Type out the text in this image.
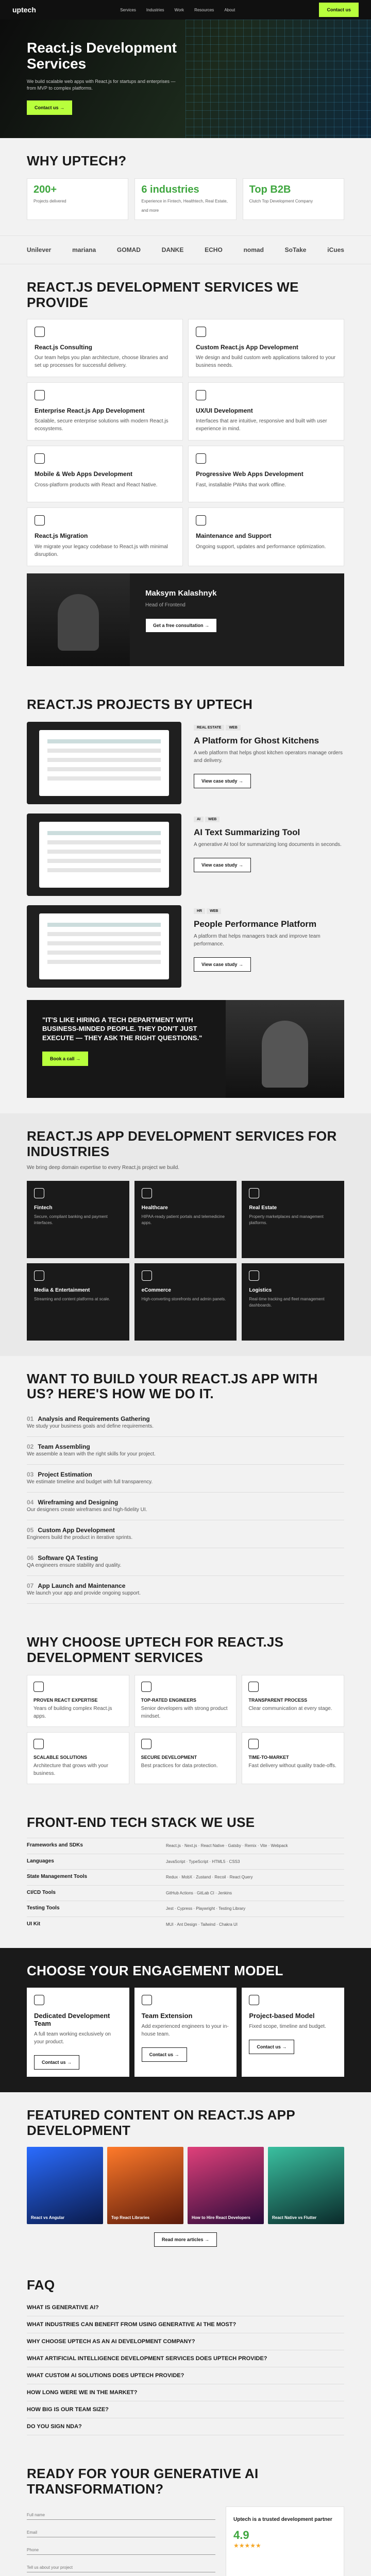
uptech	Services	Industries	Work	Resources	About	Contact us
React.js Development Services

We build scalable web apps with React.js for startups and enterprises — from MVP to complex platforms.

Contact us →
WHY UPTECH?
200+
Projects delivered
6 industries
Experience in Fintech, Healthtech, Real Estate, and more
Top B2B
Clutch Top Development Company
Unilever	mariana	GOMAD	DANKE	ECHO	nomad	SoTake	iCues
REACT.JS DEVELOPMENT SERVICES WE PROVIDE
React.js Consulting

Our team helps you plan architecture, choose libraries and set up processes for successful delivery.

Custom React.js App Development

We design and build custom web applications tailored to your business needs.

Enterprise React.js App Development

Scalable, secure enterprise solutions with modern React.js ecosystems.

UX/UI Development

Interfaces that are intuitive, responsive and built with user experience in mind.

Mobile & Web Apps Development

Cross-platform products with React and React Native.

Progressive Web Apps Development

Fast, installable PWAs that work offline.

React.js Migration

We migrate your legacy codebase to React.js with minimal disruption.

Maintenance and Support

Ongoing support, updates and performance optimization.

Maksym Kalashnyk
Head of Frontend

Get a free consultation →
REACT.JS PROJECTS BY UPTECH
REAL ESTATE WEB
A Platform for Ghost Kitchens

A web platform that helps ghost kitchen operators manage orders and delivery.

View case study →
AI WEB
AI Text Summarizing Tool

A generative AI tool for summarizing long documents in seconds.

View case study →
HR WEB
People Performance Platform

A platform that helps managers track and improve team performance.

View case study →
"IT'S LIKE HIRING A TECH DEPARTMENT WITH BUSINESS-MINDED PEOPLE. THEY DON'T JUST EXECUTE — THEY ASK THE RIGHT QUESTIONS."

Book a call →
REACT.JS APP DEVELOPMENT SERVICES FOR INDUSTRIES

We bring deep domain expertise to every React.js project we build.

Fintech

Secure, compliant banking and payment interfaces.

Healthcare

HIPAA-ready patient portals and telemedicine apps.

Real Estate

Property marketplaces and management platforms.

Media & Entertainment

Streaming and content platforms at scale.

eCommerce

High-converting storefronts and admin panels.

Logistics

Real-time tracking and fleet management dashboards.

WANT TO BUILD YOUR REACT.JS APP WITH US? HERE'S HOW WE DO IT.
01 Analysis and Requirements Gathering

We study your business goals and define requirements.

02 Team Assembling

We assemble a team with the right skills for your project.

03 Project Estimation

We estimate timeline and budget with full transparency.

04 Wireframing and Designing

Our designers create wireframes and high-fidelity UI.

05 Custom App Development

Engineers build the product in iterative sprints.

06 Software QA Testing

QA engineers ensure stability and quality.

07 App Launch and Maintenance

We launch your app and provide ongoing support.

WHY CHOOSE UPTECH FOR REACT.JS DEVELOPMENT SERVICES
PROVEN REACT EXPERTISE

Years of building complex React.js apps.

TOP-RATED ENGINEERS

Senior developers with strong product mindset.

TRANSPARENT PROCESS

Clear communication at every stage.

SCALABLE SOLUTIONS

Architecture that grows with your business.

SECURE DEVELOPMENT

Best practices for data protection.

TIME-TO-MARKET

Fast delivery without quality trade-offs.

FRONT-END TECH STACK WE USE
Frameworks and SDKs	React.js · Next.js · React Native · Gatsby · Remix · Vite · Webpack
Languages	JavaScript · TypeScript · HTML5 · CSS3
State Management Tools	Redux · MobX · Zustand · Recoil · React Query
CI/CD Tools	GitHub Actions · GitLab CI · Jenkins
Testing Tools	Jest · Cypress · Playwright · Testing Library
UI Kit	MUI · Ant Design · Tailwind · Chakra UI
CHOOSE YOUR ENGAGEMENT MODEL
Dedicated Development Team

A full team working exclusively on your product.

Contact us →
Team Extension

Add experienced engineers to your in-house team.

Contact us →
Project-based Model

Fixed scope, timeline and budget.

Contact us →
FEATURED CONTENT ON REACT.JS APP DEVELOPMENT
React vs Angular	Top React Libraries	How to Hire React Developers	React Native vs Flutter
Read more articles →
FAQ
WHAT IS GENERATIVE AI?
WHAT INDUSTRIES CAN BENEFIT FROM USING GENERATIVE AI THE MOST?
WHY CHOOSE UPTECH AS AN AI DEVELOPMENT COMPANY?
WHAT ARTIFICIAL INTELLIGENCE DEVELOPMENT SERVICES DOES UPTECH PROVIDE?
WHAT CUSTOM AI SOLUTIONS DOES UPTECH PROVIDE?
HOW LONG WERE WE IN THE MARKET?
HOW BIG IS OUR TEAM SIZE?
DO YOU SIGN NDA?
READY FOR YOUR GENERATIVE AI TRANSFORMATION?
Full name
Email
Phone
Tell us about your project
Uptech is a trusted development partner
4.9
★★★★★
